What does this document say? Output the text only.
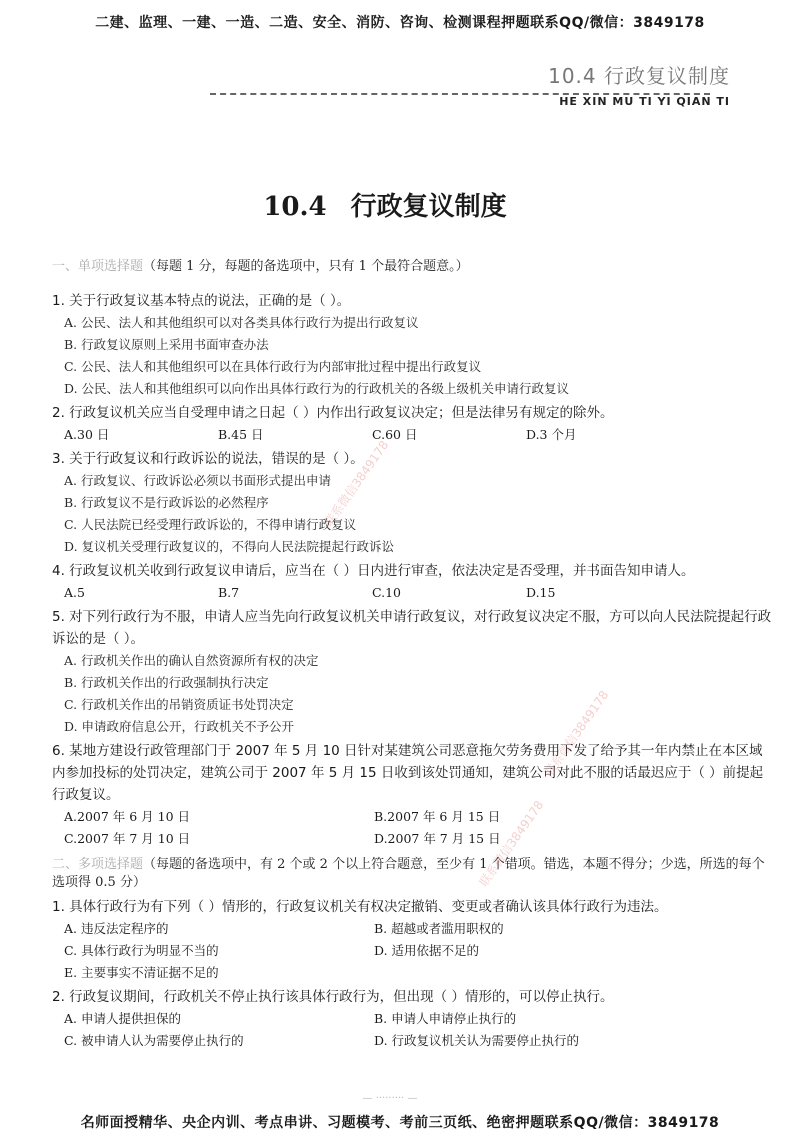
二建、监理、一建、一造、二造、安全、消防、咨询、检测课程押题联系QQ/微信：3849178
10.4 行政复议制度
HE XIN MU TI YI QIAN TI
10.4 行政复议制度
一、单项选择题（每题 1 分，每题的备选项中，只有 1 个最符合题意。）
1. 关于行政复议基本特点的说法，正确的是（ ）。
A. 公民、法人和其他组织可以对各类具体行政行为提出行政复议
B. 行政复议原则上采用书面审查办法
C. 公民、法人和其他组织可以在具体行政行为内部审批过程中提出行政复议
D. 公民、法人和其他组织可以向作出具体行政行为的行政机关的各级上级机关申请行政复议
2. 行政复议机关应当自受理申请之日起（ ）内作出行政复议决定；但是法律另有规定的除外。
A.30 日	B.45 日	C.60 日	D.3 个月
3. 关于行政复议和行政诉讼的说法，错误的是（ ）。
A. 行政复议、行政诉讼必须以书面形式提出申请
B. 行政复议不是行政诉讼的必然程序
C. 人民法院已经受理行政诉讼的，不得申请行政复议
D. 复议机关受理行政复议的，不得向人民法院提起行政诉讼
4. 行政复议机关收到行政复议申请后，应当在（ ）日内进行审查，依法决定是否受理，并书面告知申请人。
A.5	B.7	C.10	D.15
5. 对下列行政行为不服，申请人应当先向行政复议机关申请行政复议，对行政复议决定不服，方可以向人民法院提起行政诉讼的是（ ）。
A. 行政机关作出的确认自然资源所有权的决定
B. 行政机关作出的行政强制执行决定
C. 行政机关作出的吊销资质证书处罚决定
D. 申请政府信息公开，行政机关不予公开
6. 某地方建设行政管理部门于 2007 年 5 月 10 日针对某建筑公司恶意拖欠劳务费用下发了给予其一年内禁止在本区域内参加投标的处罚决定，建筑公司于 2007 年 5 月 15 日收到该处罚通知，建筑公司对此不服的话最迟应于（ ）前提起行政复议。
A.2007 年 6 月 10 日	B.2007 年 6 月 15 日
C.2007 年 7 月 10 日	D.2007 年 7 月 15 日
二、多项选择题（每题的备选项中，有 2 个或 2 个以上符合题意，至少有 1 个错项。错选，本题不得分；少选，所选的每个选项得 0.5 分）
1. 具体行政行为有下列（ ）情形的，行政复议机关有权决定撤销、变更或者确认该具体行政行为违法。
A. 违反法定程序的	B. 超越或者滥用职权的
C. 具体行政行为明显不当的	D. 适用依据不足的
E. 主要事实不清证据不足的
2. 行政复议期间，行政机关不停止执行该具体行政行为，但出现（ ）情形的，可以停止执行。
A. 申请人提供担保的	B. 申请人申请停止执行的
C. 被申请人认为需要停止执行的	D. 行政复议机关认为需要停止执行的
联系微信3849178
联系微信3849178
联系微信3849178
— ········· —
名师面授精华、央企内训、考点串讲、习题模考、考前三页纸、绝密押题联系QQ/微信：3849178
